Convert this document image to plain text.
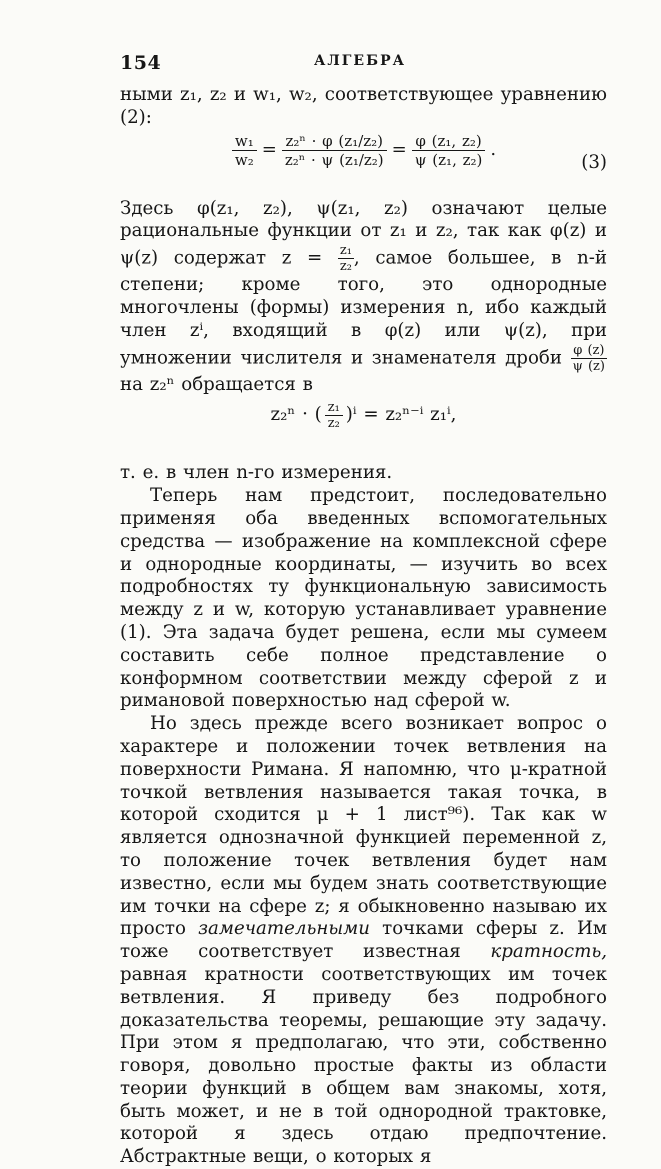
154	АЛГЕБРА

ными z₁, z₂ и w₁, w₂, соответствующее уравнению (2):

$\frac{\text{w₁}}{\text{w₂}} = \frac{\text{z₂ⁿ · φ (z₁/z₂)}}{\text{z₂ⁿ · ψ (z₁/z₂)}} = \frac{\text{φ (z₁, z₂)}}{\text{ψ (z₁, z₂)}}$ .
(3)

Здесь φ(z₁, z₂), ψ(z₁, z₂) означают целые рациональные функции от z₁ и z₂, так как φ(z) и ψ(z) содержат $z = \frac{\text{z₁}}{\text{z₂}}$ , самое большее, в n-й степени; кроме того, это однородные многочлены (формы) измерения n, ибо каждый член zⁱ, входящий в φ(z) или ψ(z), при умножении числителя и знаменателя дроби $\frac{\varphi (z)}{\psi (z)}$
на z₂ⁿ обращается в

z₂ⁿ · ( $\frac{\text{z₁}}{\text{z₂}} )^i = z_2^{n-i}$ z₁ⁱ,

т. е. в член n-го измерения.

Теперь нам предстоит, последовательно применяя оба введенных вспомогательных средства — изображение на комплексной сфере и однородные координаты, — изучить во всех подробностях ту функциональную зависимость между z и w, которую устанавливает уравнение (1). Эта задача будет решена, если мы сумеем составить себе полное представление о конформном соответствии между сферой z и римановой поверхностью над сферой w.

Но здесь прежде всего возникает вопрос о характере и положении точек ветвления на поверхности Римана. Я напомню, что μ-кратной точкой ветвления называется такая точка, в которой сходится μ + 1 лист⁹⁶). Так как w является однозначной функцией переменной z, то положение точек ветвления будет нам известно, если мы будем знать соответствующие им точки на сфере z; я обыкновенно называю их просто замечательными точками сферы z. Им тоже соответствует известная кратность, равная кратности соответствующих им точек ветвления. Я приведу без подробного доказательства теоремы, решающие эту задачу. При этом я предполагаю, что эти, собственно говоря, довольно простые факты из области теории функций в общем вам знакомы, хотя, быть может, и не в той однородной трактовке, которой я здесь отдаю предпочтение. Абстрактные вещи, о которых я
